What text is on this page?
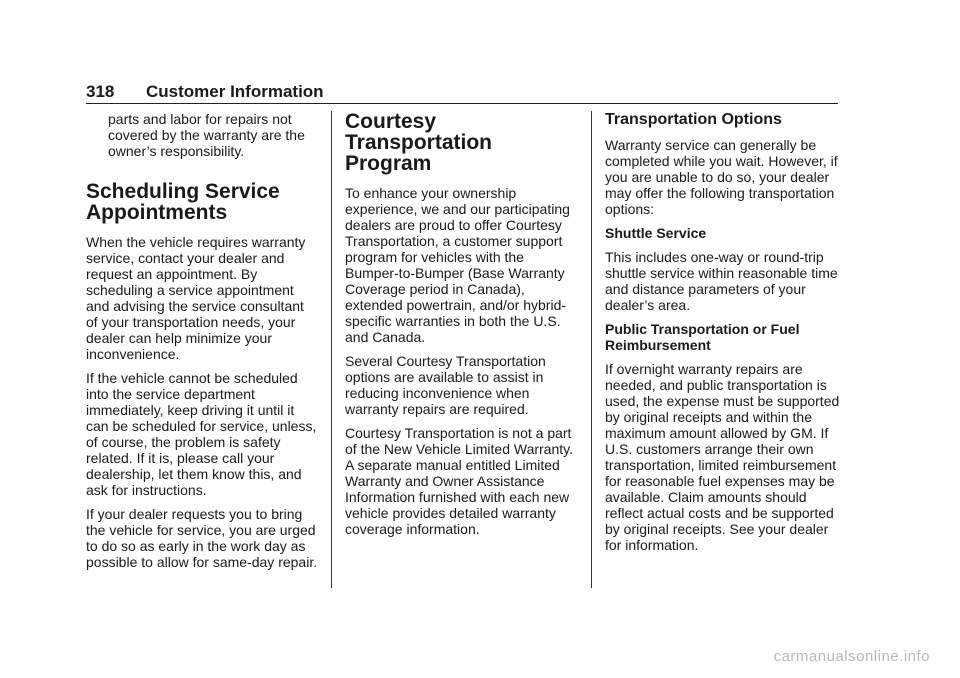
318 Customer Information

parts and labor for repairs not covered by the warranty are the owner’s responsibility.

Scheduling Service
Appointments

When the vehicle requires warranty service, contact your dealer and request an appointment. By scheduling a service appointment and advising the service consultant of your transportation needs, your dealer can help minimize your inconvenience.

If the vehicle cannot be scheduled into the service department immediately, keep driving it until it can be scheduled for service, unless, of course, the problem is safety related. If it is, please call your dealership, let them know this, and ask for instructions.

If your dealer requests you to bring the vehicle for service, you are urged to do so as early in the work day as possible to allow for same-day repair.

Courtesy Transportation
Program

To enhance your ownership experience, we and our participating dealers are proud to offer Courtesy Transportation, a customer support program for vehicles with the Bumper-to-Bumper (Base Warranty Coverage period in Canada), extended powertrain, and/or hybrid-specific warranties in both the U.S. and Canada.

Several Courtesy Transportation options are available to assist in reducing inconvenience when warranty repairs are required.

Courtesy Transportation is not a part of the New Vehicle Limited Warranty. A separate manual entitled Limited Warranty and Owner Assistance Information furnished with each new vehicle provides detailed warranty coverage information.

Transportation Options

Warranty service can generally be completed while you wait. However, if you are unable to do so, your dealer may offer the following transportation options:

Shuttle Service

This includes one-way or round-trip shuttle service within reasonable time and distance parameters of your dealer’s area.

Public Transportation or Fuel
Reimbursement

If overnight warranty repairs are needed, and public transportation is used, the expense must be supported by original receipts and within the maximum amount allowed by GM. If U.S. customers arrange their own transportation, limited reimbursement for reasonable fuel expenses may be available. Claim amounts should reflect actual costs and be supported by original receipts. See your dealer for information.

carmanualsonline.info
